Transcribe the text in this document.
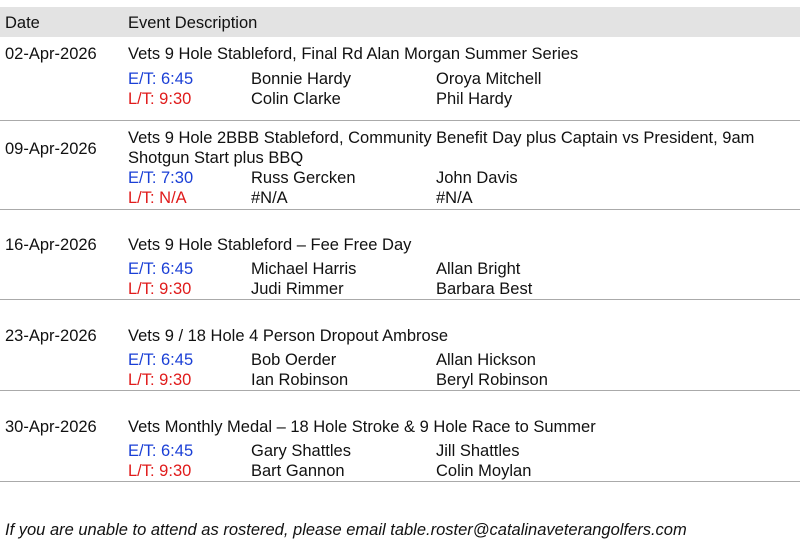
Date	Event Description
02-Apr-2026 Vets 9 Hole Stableford, Final Rd Alan Morgan Summer Series
E/T: 6:45	Bonnie Hardy	Oroya Mitchell
L/T: 9:30	Colin Clarke	Phil Hardy
09-Apr-2026
Vets 9 Hole 2BBB Stableford, Community Benefit Day plus Captain vs President, 9am Shotgun Start plus BBQ
E/T: 7:30	Russ Gercken	John Davis
L/T: N/A	#N/A	#N/A
16-Apr-2026 Vets 9 Hole Stableford – Fee Free Day
E/T: 6:45	Michael Harris	Allan Bright
L/T: 9:30	Judi Rimmer	Barbara Best
23-Apr-2026 Vets 9 / 18 Hole 4 Person Dropout Ambrose
E/T: 6:45	Bob Oerder	Allan Hickson
L/T: 9:30	Ian Robinson	Beryl Robinson
30-Apr-2026 Vets Monthly Medal – 18 Hole Stroke & 9 Hole Race to Summer
E/T: 6:45	Gary Shattles	Jill Shattles
L/T: 9:30	Bart Gannon	Colin Moylan
If you are unable to attend as rostered, please email table.roster@catalinaveterangolfers.com
